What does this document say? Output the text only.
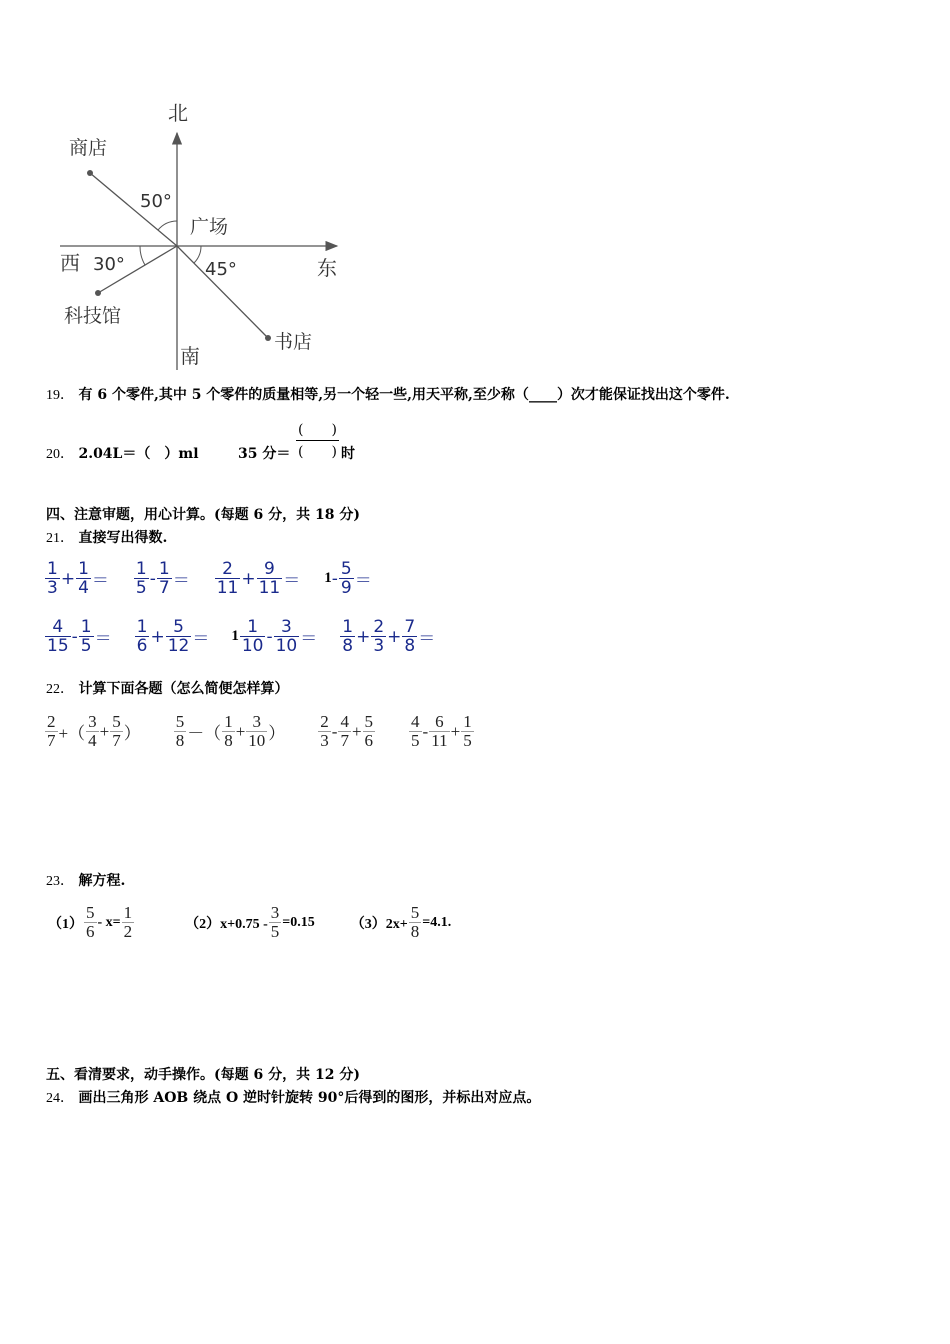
北
南
东
西
广场
商店
科技馆
书店
50°
30°	45°
19． 有 6 个零件,其中 5 个零件的质量相等,另一个轻一些,用天平称,至少称（____）次才能保证找出这个零件.
20． 2.04L＝（　）ml	35 分＝
(　　)
(　　) 时
四、注意审题，用心计算。(每题 6 分，共 18 分)
21． 直接写出得数.
$\frac{1}{3} + \frac{1}{4} = \frac{1}{5} - \frac{1}{7} = \frac{2}{11} + \frac{9}{11} = 1- \frac{5}{9}$ ＝
$\frac{4}{15} - \frac{1}{5} = \frac{1}{6} + \frac{5}{12} = 1 \frac{1}{10} - \frac{3}{10} = \frac{1}{8} + \frac{2}{3} + \frac{7}{8}$ ＝
22． 计算下面各题（怎么简便怎样算）
$\frac{2}{7}$ +（ $\frac{3}{4} + \frac{5}{7}$ ） $\frac{5}{8}$ －（ $\frac{1}{8} + \frac{3}{10}$ ） $\frac{2}{3} - \frac{4}{7} + \frac{5}{6} \frac{4}{5} - \frac{6}{11} + \frac{1}{5}$
23． 解方程.
$(1) \frac{5}{6} - x= \frac{1}{2}$	$(2)x+0.75 - \frac{3}{5} =0.15$	$(3)2x+ \frac{5}{8} =4.1$.
五、看清要求，动手操作。(每题 6 分，共 12 分)
24． 画出三角形 AOB 绕点 O 逆时针旋转 90°后得到的图形，并标出对应点。
